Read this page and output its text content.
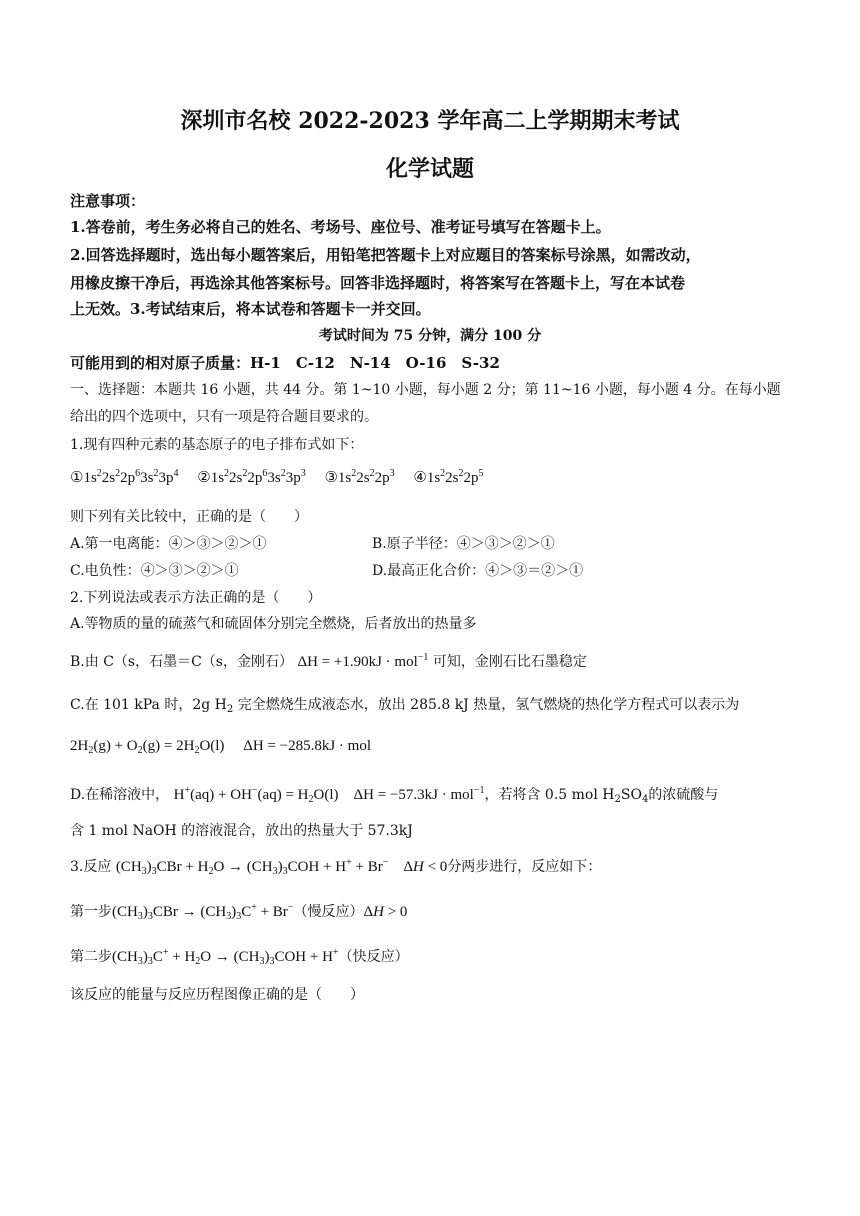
深圳市名校 2022-2023 学年高二上学期期末考试
化学试题
注意事项：
1.答卷前，考生务必将自己的姓名、考场号、座位号、准考证号填写在答题卡上。
2.回答选择题时，选出每小题答案后，用铅笔把答题卡上对应题目的答案标号涂黑，如需改动，
用橡皮擦干净后，再选涂其他答案标号。回答非选择题时，将答案写在答题卡上，写在本试卷
上无效。3.考试结束后，将本试卷和答题卡一并交回。
考试时间为 75 分钟，满分 100 分
可能用到的相对原子质量：H-1　C-12　N-14　O-16　S-32
一、选择题：本题共 16 小题，共 44 分。第 1~10 小题，每小题 2 分；第 11~16 小题，每小题 4 分。在每小题
给出的四个选项中，只有一项是符合题目要求的。
1.现有四种元素的基态原子的电子排布式如下：
$①1s^22s^22p^63s^23p^4$ $②1s^22s^22p^63s^23p^3$ $③1s^22s^22p^3$ $④1s^22s^22p^5$
则下列有关比较中，正确的是（　　）
A.第一电离能：④＞③＞②＞①	B.原子半径：④＞③＞②＞①
C.电负性：④＞③＞②＞①	D.最高正化合价：④＞③＝②＞①
2.下列说法或表示方法正确的是（　　）
A.等物质的量的硫蒸气和硫固体分别完全燃烧，后者放出的热量多
B.由 C（s，石墨＝C（s，金刚石） ΔH = +1.90kJ · mol$^{-1}$ 可知，金刚石比石墨稳定
C.在 101 kPa 时，2g $H_2$ 完全燃烧生成液态水，放出 285.8 kJ 热量，氢气燃烧的热化学方程式可以表示为
$2H_2(g) + O_2(g) = 2H_2O(l)$     ΔH = −285.8kJ · mol
D.在稀溶液中， $H^+(aq) + OH^-(aq) = H_2O(l)$    ΔH = −57.3kJ · mol$^{-1}$，若将含 0.5 mol $H_2SO_4$的浓硫酸与
含 1 mol NaOH 的溶液混合，放出的热量大于 57.3kJ
3.反应 $(CH_3)_3CBr + H_2O \to (CH_3)_3COH + H^+ + Br^-$    ΔH < 0分两步进行，反应如下：
第一步$(CH_3)_3CBr \to (CH_3)_3C^+ + Br^-$（慢反应）ΔH > 0
第二步$(CH_3)_3C^+ + H_2O \to (CH_3)_3COH + H^+$（快反应）
该反应的能量与反应历程图像正确的是（　　）
